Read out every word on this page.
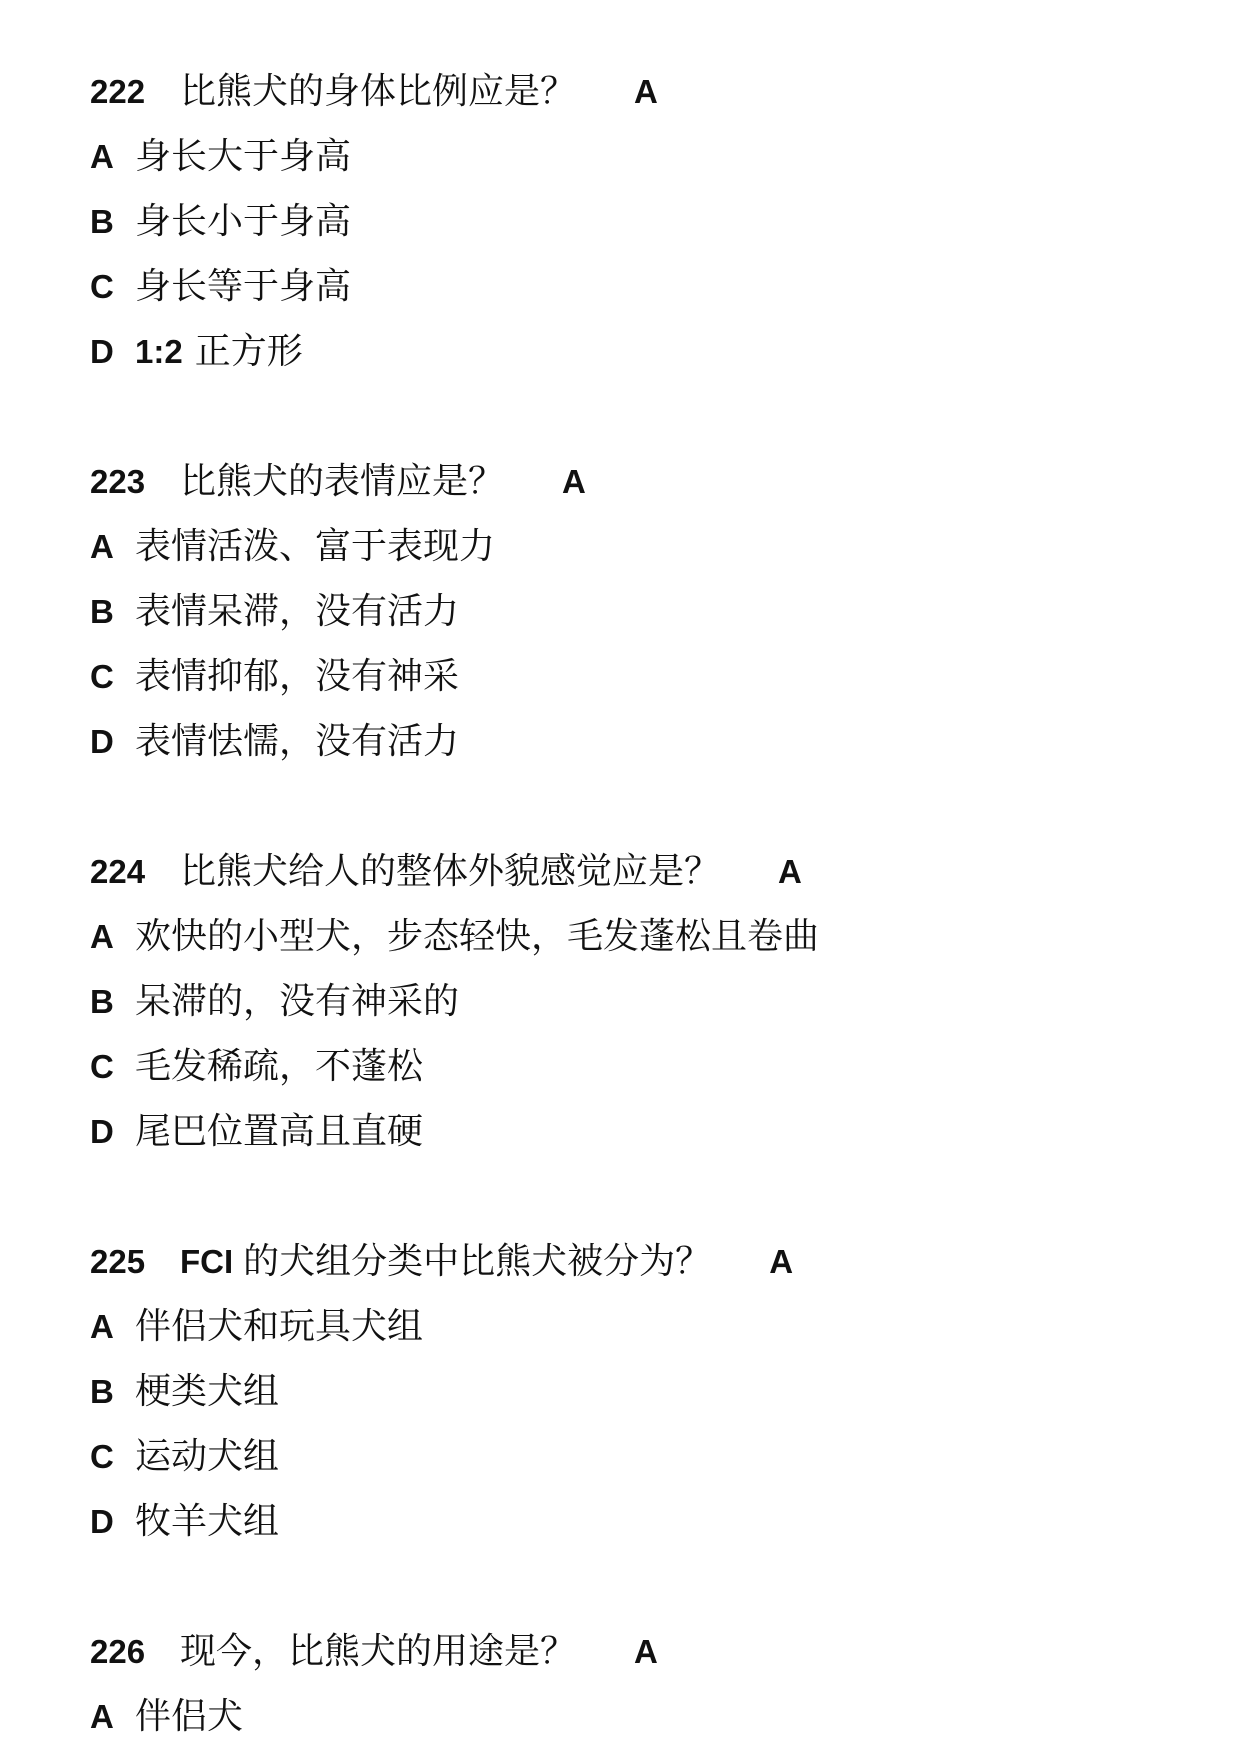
222 比熊犬的身体比例应是？ A
A 身长大于身高
B 身长小于身高
C 身长等于身高
D 1:2 正方形
223 比熊犬的表情应是？ A
A 表情活泼、富于表现力
B 表情呆滞，没有活力
C 表情抑郁，没有神采
D 表情怯懦，没有活力
224 比熊犬给人的整体外貌感觉应是？ A
A 欢快的小型犬，步态轻快，毛发蓬松且卷曲
B 呆滞的，没有神采的
C 毛发稀疏，不蓬松
D 尾巴位置高且直硬
225	FCI 的犬组分类中比熊犬被分为？ A
A 伴侣犬和玩具犬组
B 梗类犬组
C 运动犬组
D 牧羊犬组
226 现今，比熊犬的用途是？ A
A 伴侣犬
